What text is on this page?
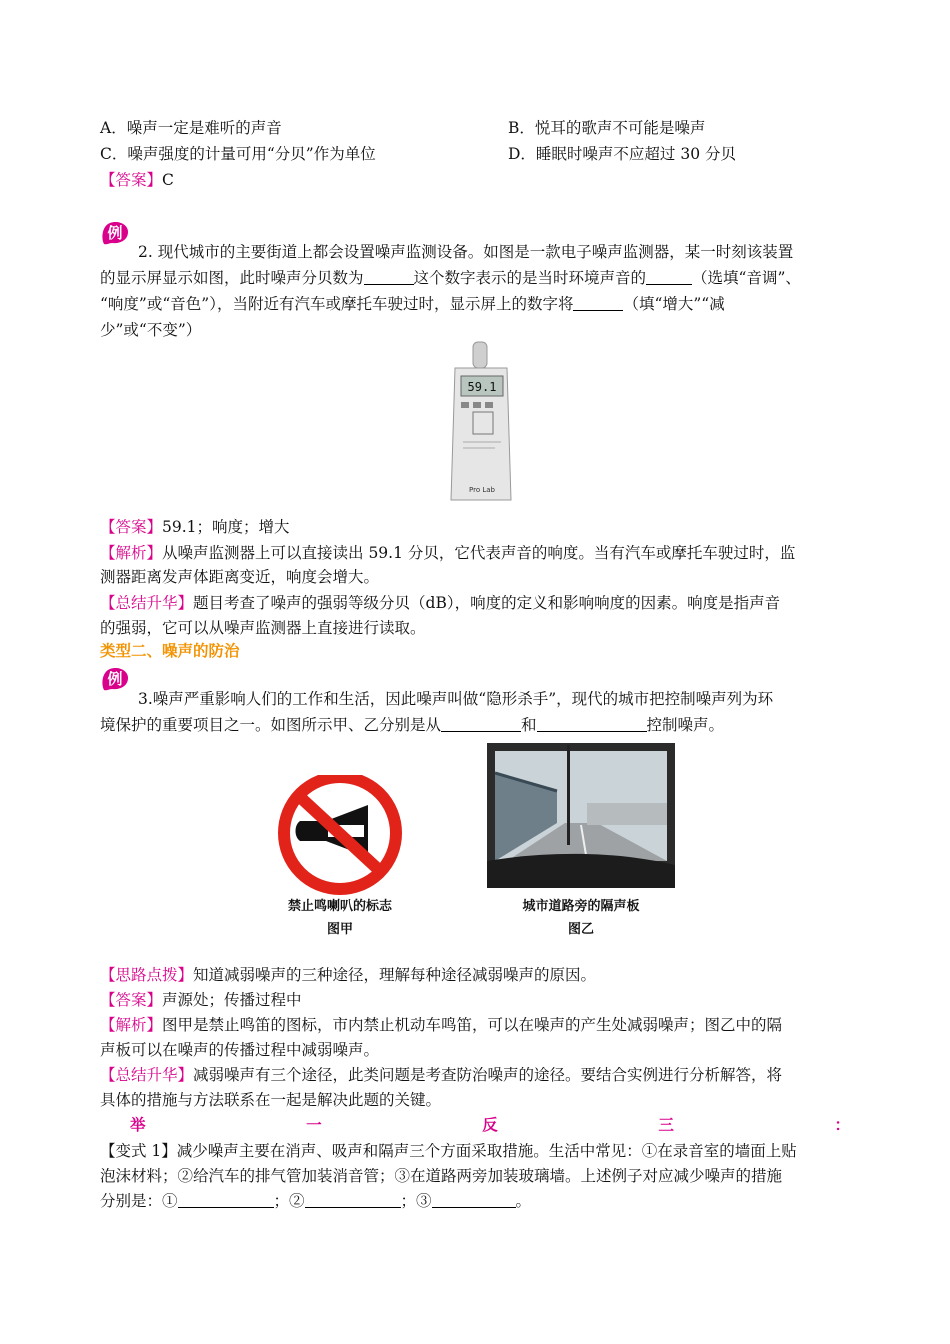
A．噪声一定是难听的声音	B．悦耳的歌声不可能是噪声
C．噪声强度的计量可用“分贝”作为单位	D．睡眠时噪声不应超过 30 分贝
【答案】C
例
2. 现代城市的主要街道上都会设置噪声监测设备。如图是一款电子噪声监测器，某一时刻该装置
的显示屏显示如图，此时噪声分贝数为	这个数字表示的是当时环境声音的	（选填“音调”、
“响度”或“音色”），当附近有汽车或摩托车驶过时，显示屏上的数字将	（填“增大”“减
少”或“不变”）
59.1
Pro Lab
【答案】59.1；响度；增大
【解析】从噪声监测器上可以直接读出 59.1 分贝，它代表声音的响度。当有汽车或摩托车驶过时，监
测器距离发声体距离变近，响度会增大。
【总结升华】题目考查了噪声的强弱等级分贝（dB），响度的定义和影响响度的因素。响度是指声音
的强弱，它可以从噪声监测器上直接进行读取。
类型二、噪声的防治
例
3.噪声严重影响人们的工作和生活，因此噪声叫做“隐形杀手”，现代的城市把控制噪声列为环
境保护的重要项目之一。如图所示甲、乙分别是从	和	控制噪声。
禁止鸣喇叭的标志
图甲
城市道路旁的隔声板
图乙
【思路点拨】知道减弱噪声的三种途径，理解每种途径减弱噪声的原因。
【答案】声源处；传播过程中
【解析】图甲是禁止鸣笛的图标，市内禁止机动车鸣笛，可以在噪声的产生处减弱噪声；图乙中的隔
声板可以在噪声的传播过程中减弱噪声。
【总结升华】减弱噪声有三个途径，此类问题是考查防治噪声的途径。要结合实例进行分析解答，将
具体的措施与方法联系在一起是解决此题的关键。
举	一	反	三	：
【变式 1】减少噪声主要在消声、吸声和隔声三个方面采取措施。生活中常见：①在录音室的墙面上贴
泡沫材料；②给汽车的排气管加装消音管；③在道路两旁加装玻璃墙。上述例子对应减少噪声的措施
分别是：①	；②	；③	。
